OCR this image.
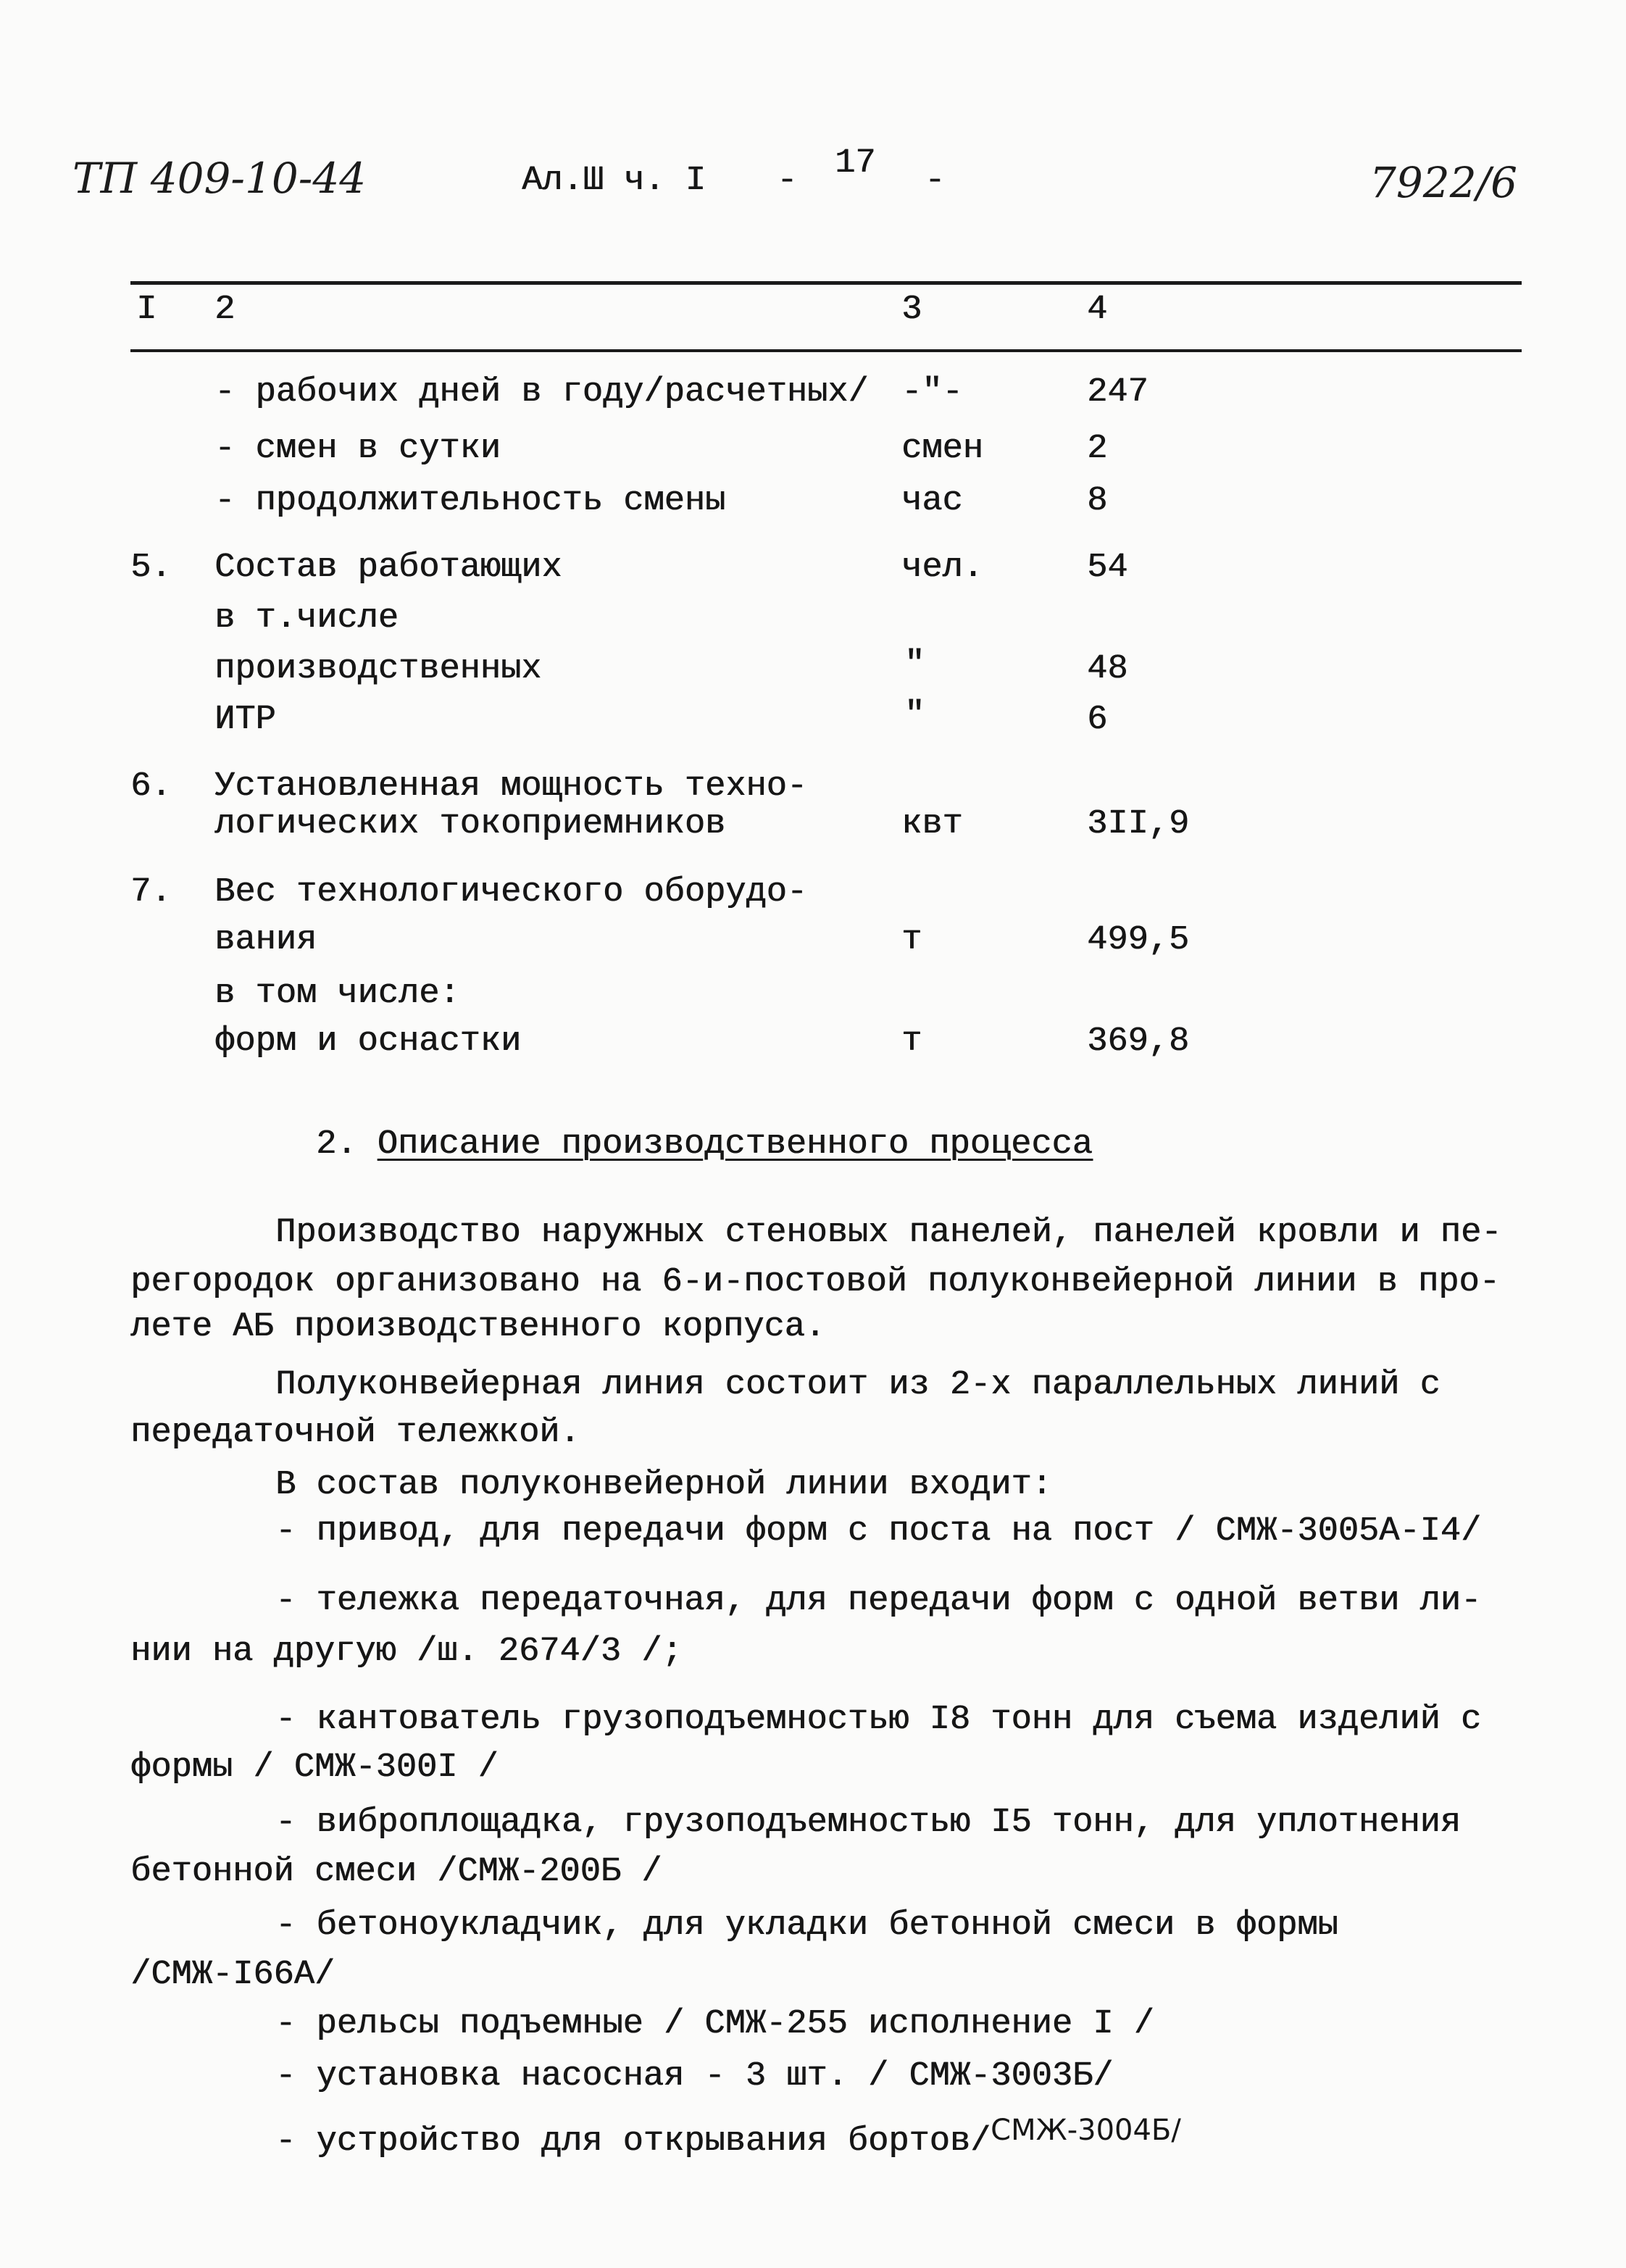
ТП 409-10-44	Ал.Ш ч. I - 17 -	7922/6
I 2	3	4
- рабочих дней в году/расчетных/ -"-	247
- смен в сутки	смен	2
- продолжительность смены	час	8
5. Состав работающих	чел.	54
в т.числе
производственных	"	48
ИТР	"	6
6. Установленная мощность техно-
логических токоприемников	квт	3II,9
7. Вес технологического оборудо-
вания	т	499,5
в том числе:
форм и оснастки	т	369,8
2. Описание производственного процесса
Производство наружных стеновых панелей, панелей кровли и пе-
регородок организовано на 6-и-постовой полуконвейерной линии в про-
лете АБ производственного корпуса.
Полуконвейерная линия состоит из 2-х параллельных линий с
передаточной тележкой.
В состав полуконвейерной линии входит:
- привод, для передачи форм с поста на пост / СМЖ-3005А-I4/
- тележка передаточная, для передачи форм с одной ветви ли-
нии на другую /ш. 2674/3 /;
- кантователь грузоподъемностью I8 тонн для съема изделий с
формы / СМЖ-300I /
- виброплощадка, грузоподъемностью I5 тонн, для уплотнения
бетонной смеси /СМЖ-200Б /
- бетоноукладчик, для укладки бетонной смеси в формы
/СМЖ-I66А/
- рельсы подъемные / СМЖ-255 исполнение I /
- установка насосная - 3 шт. / СМЖ-3003Б/
- устройство для открывания бортов/СМЖ-3004Б/
